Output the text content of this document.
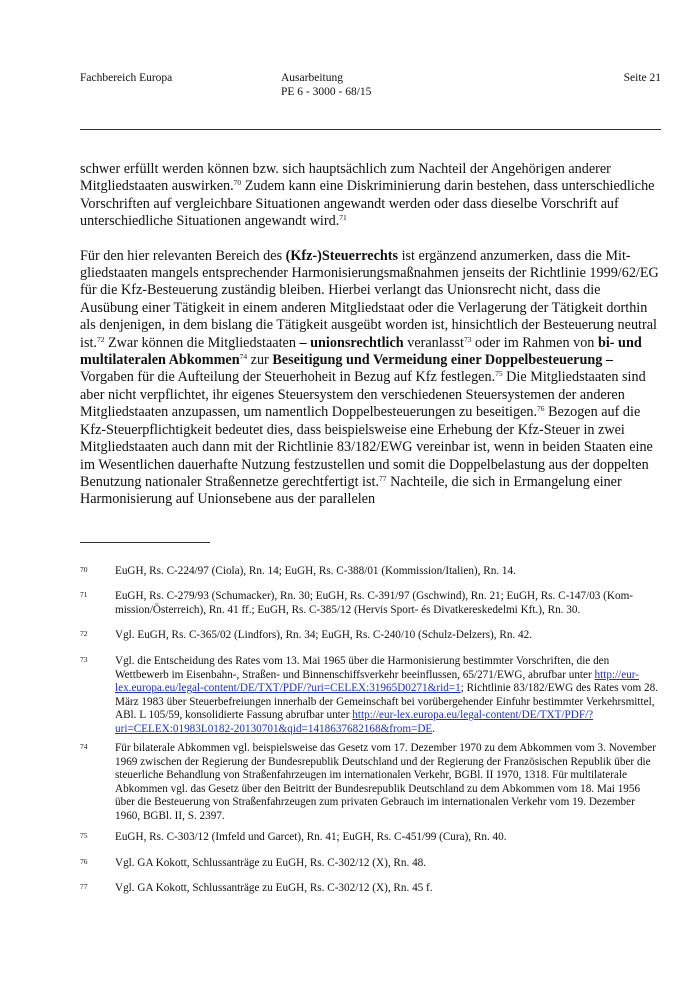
Fachbereich Europa	Ausarbeitung
PE 6 - 3000 - 68/15
Seite 21

schwer erfüllt werden können bzw. sich hauptsächlich zum Nachteil der Angehörigen anderer Mitgliedstaaten auswirken.$^{70}$ Zudem kann eine Diskriminierung darin bestehen, dass unterschiedliche Vorschriften auf vergleichbare Situationen angewandt werden oder dass dieselbe Vorschrift auf unterschiedliche Situationen angewandt wird.$^{71}$

Für den hier relevanten Bereich des (Kfz-)Steuerrechts ist ergänzend anzumerken, dass die Mitgliedstaaten mangels entsprechender Harmonisierungsmaßnahmen jenseits der Richtlinie 1999/62/EG für die Kfz-Besteuerung zuständig bleiben. Hierbei verlangt das Unionsrecht nicht, dass die Ausübung einer Tätigkeit in einem anderen Mitgliedstaat oder die Verlagerung der Tätigkeit dorthin als denjenigen, in dem bislang die Tätigkeit ausgeübt worden ist, hinsichtlich der Besteuerung neutral ist.$^{72}$ Zwar können die Mitgliedstaaten – unionsrechtlich veranlasst$^{73}$ oder im Rahmen von bi- und multilateralen Abkommen$^{74}$ zur Beseitigung und Vermeidung einer Doppelbesteuerung – Vorgaben für die Aufteilung der Steuerhoheit in Bezug auf Kfz festlegen.$^{75}$ Die Mitgliedstaaten sind aber nicht verpflichtet, ihr eigenes Steuersystem den verschiedenen Steuersystemen der anderen Mitgliedstaaten anzupassen, um namentlich Doppelbesteuerungen zu beseitigen.$^{76}$ Bezogen auf die Kfz-Steuerpflichtigkeit bedeutet dies, dass beispielsweise eine Erhebung der Kfz-Steuer in zwei Mitgliedstaaten auch dann mit der Richtlinie 83/182/EWG vereinbar ist, wenn in beiden Staaten eine im Wesentlichen dauerhafte Nutzung festzustellen und somit die Doppelbelastung aus der doppelten Benutzung nationaler Straßennetze gerechtfertigt ist.$^{77}$ Nachteile, die sich in Ermangelung einer Harmonisierung auf Unionsebene aus der parallelen

70 EuGH, Rs. C-224/97 (Ciola), Rn. 14; EuGH, Rs. C-388/01 (Kommission/Italien), Rn. 14.
71 EuGH, Rs. C-279/93 (Schumacker), Rn. 30; EuGH, Rs. C-391/97 (Gschwind), Rn. 21; EuGH, Rs. C-147/03 (Kommission/Österreich), Rn. 41 ff.; EuGH, Rs. C-385/12 (Hervis Sport- és Divatkereskedelmi Kft.), Rn. 30.
72 Vgl. EuGH, Rs. C-365/02 (Lindfors), Rn. 34; EuGH, Rs. C-240/10 (Schulz-Delzers), Rn. 42.
73 Vgl. die Entscheidung des Rates vom 13. Mai 1965 über die Harmonisierung bestimmter Vorschriften, die den Wettbewerb im Eisenbahn-, Straßen- und Binnenschiffsverkehr beeinflussen, 65/271/EWG, abrufbar unter http://eur-lex.europa.eu/legal-content/DE/TXT/PDF/?uri=CELEX:31965D0271&rid=1; Richtlinie 83/182/EWG des Rates vom 28. März 1983 über Steuerbefreiungen innerhalb der Gemeinschaft bei vorübergehender Einfuhr bestimmter Verkehrsmittel, ABl. L 105/59, konsolidierte Fassung abrufbar unter http://eur-lex.europa.eu/legal-content/DE/TXT/PDF/?uri=CELEX:01983L0182-20130701&qid=1418637682168&from=DE.
74 Für bilaterale Abkommen vgl. beispielsweise das Gesetz vom 17. Dezember 1970 zu dem Abkommen vom 3. November 1969 zwischen der Regierung der Bundesrepublik Deutschland und der Regierung der Französischen Republik über die steuerliche Behandlung von Straßenfahrzeugen im internationalen Verkehr, BGBl. II 1970, 1318. Für multilaterale Abkommen vgl. das Gesetz über den Beitritt der Bundesrepublik Deutschland zu dem Abkommen vom 18. Mai 1956 über die Besteuerung von Straßenfahrzeugen zum privaten Gebrauch im internationalen Verkehr vom 19. Dezember 1960, BGBl. II, S. 2397.
75 EuGH, Rs. C-303/12 (Imfeld und Garcet), Rn. 41; EuGH, Rs. C-451/99 (Cura), Rn. 40.
76 Vgl. GA Kokott, Schlussanträge zu EuGH, Rs. C-302/12 (X), Rn. 48.
77 Vgl. GA Kokott, Schlussanträge zu EuGH, Rs. C-302/12 (X), Rn. 45 f.
